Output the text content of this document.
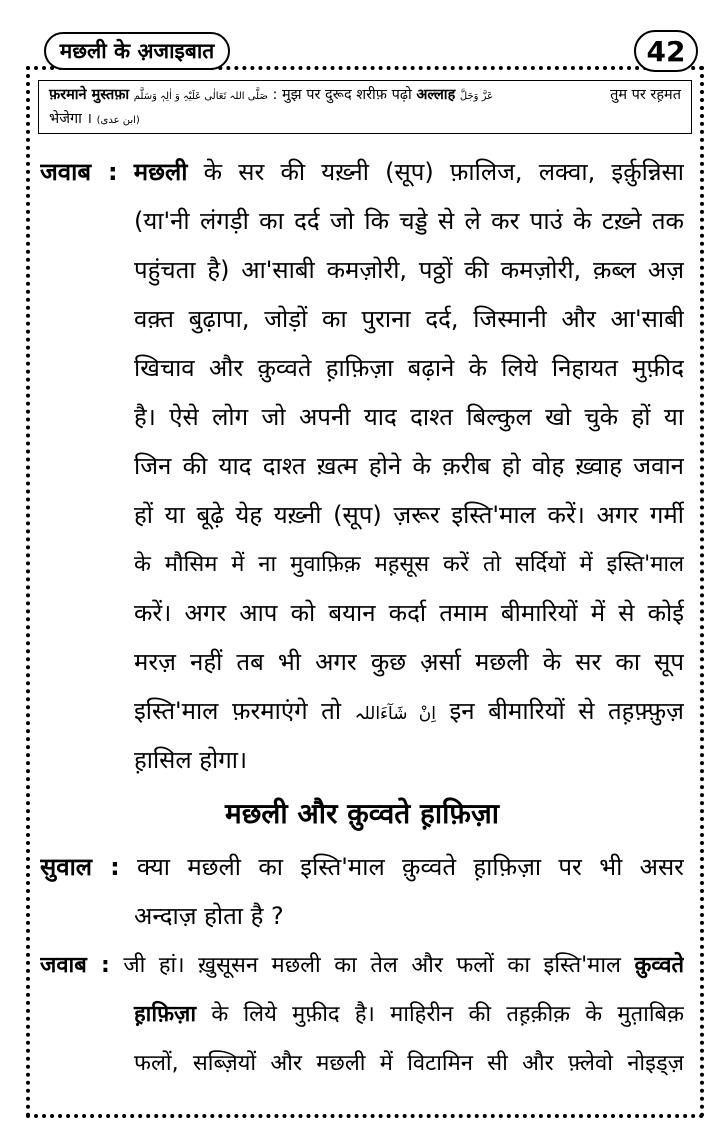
मछली के अ़जाइबात	42
फ़रमाने मुस्तफ़ा صَلَّی اللہ تَعَالٰی عَلَیْہِ وَ اٰلِہٖ وَسَلَّم : मुझ पर दुरूद शरीफ़ पढ़ो अल्लाह عَزَّ وَجَلَّ	तुम पर रह़मत
भेजेगा । (ابن عدی)
जवाब : मछली के सर की यख़्नी (सूप) फ़ालिज, लक्वा, इर्क़ुन्निसा
(या'नी लंगड़ी का दर्द जो कि चड्डे से ले कर पाउं के टख़्ने तक
पहुंचता है) आ'साबी कमज़ोरी, पठ्ठों की कमज़ोरी, क़ब्ल अज़
वक़्त बुढ़ापा, जोड़ों का पुराना दर्द, जिस्मानी और आ'साबी
खिचाव और क़ुव्वते ह़ाफ़िज़ा बढ़ाने के लिये निहायत मुफ़ीद
है। ऐसे लोग जो अपनी याद दाश्त बिल्कुल खो चुके हों या
जिन की याद दाश्त ख़त्म होने के क़रीब हो वोह ख़्वाह जवान
हों या बूढ़े येह यख़्नी (सूप) ज़रूर इस्ति'माल करें। अगर गर्मी
के मौसिम में ना मुवाफ़िक़ मह़सूस करें तो सर्दियों में इस्ति'माल
करें। अगर आप को बयान कर्दा तमाम बीमारियों में से कोई
मरज़ नहीं तब भी अगर कुछ अ़र्सा मछली के सर का सूप
इस्ति'माल फ़रमाएंगे तो اِنْ شَآءَاللہ इन बीमारियों से तह़फ़्फ़ुज़
ह़ासिल होगा।
मछली और क़ुव्वते ह़ाफ़िज़ा
सुवाल : क्या मछली का इस्ति'माल क़ुव्वते ह़ाफ़िज़ा पर भी असर
अन्दाज़ होता है ?
जवाब : जी हां। ख़ुसूसन मछली का तेल और फलों का इस्ति'माल क़ुव्वते
ह़ाफ़िज़ा के लिये मुफ़ीद है। माहिरीन की तह़क़ीक़ के मुत़ाबिक़
फलों, सब्ज़ियों और मछली में विटामिन सी और फ़्लेवो नोइड्ज़
